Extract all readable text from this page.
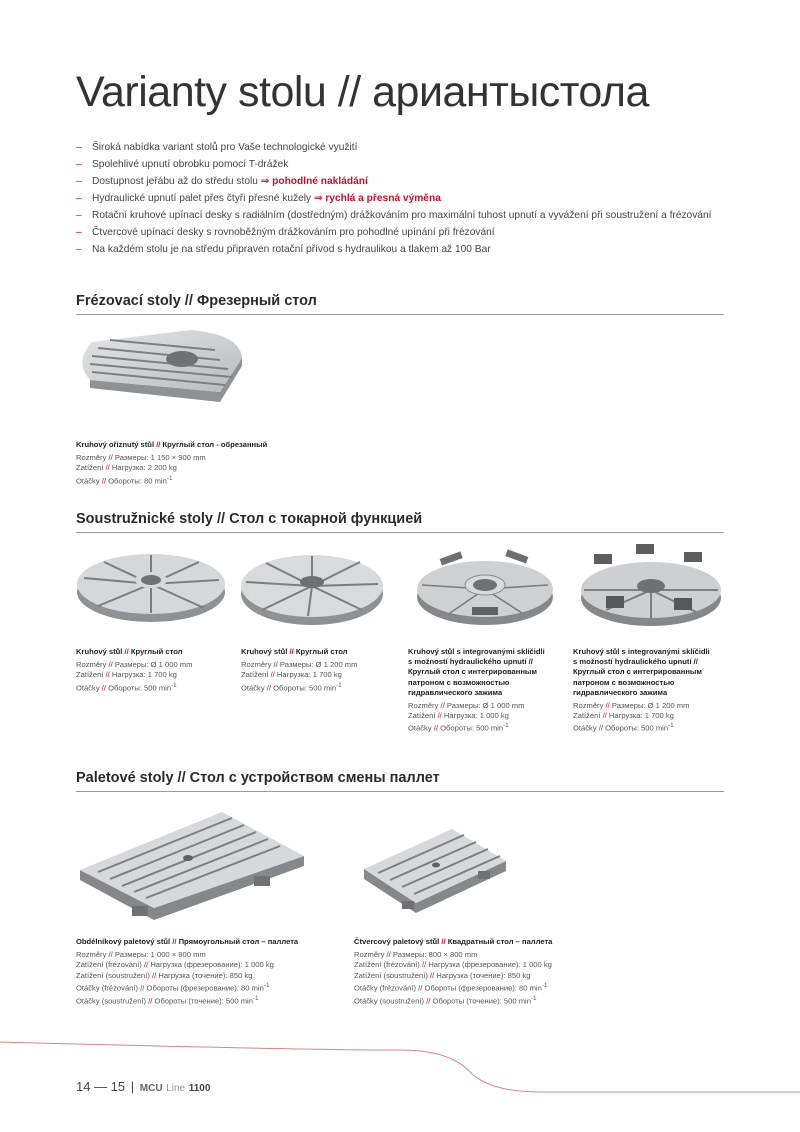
Varianty stolu // ариантыстола
– Široká nabídka variant stolů pro Vaše technologické využití
– Spolehlivé upnutí obrobku pomocí T-drážek
– Dostupnost jeřábu až do středu stolu ⇒ pohodlné nakládání
– Hydraulické upnutí palet přes čtyři přesné kužely ⇒ rychlá a přesná výměna
– Rotační kruhové upínací desky s radiálním (dostředným) drážkováním pro maximální tuhost upnutí a vyvážení při soustružení a frézování
– Čtvercové upínací desky s rovnoběžným drážkováním pro pohodlné upínání při frézování
– Na každém stolu je na středu připraven rotační přívod s hydraulikou a tlakem až 100 Bar
Frézovací stoly // Фрезерный стол
Kruhový oříznutý stůl // Круглый стол - обрезанный
Rozměry // Размеры: 1 150 × 900 mm
Zatížení // Нагрузка: 2 200 kg
Otáčky // Обороты: 80 $\min^{-1}$
Soustružnické stoly // Стол с токарной функцией
Kruhový stůl // Круглый стол
Rozměry // Размеры: Ø 1 000 mm
Zatížení // Нагрузка: 1 700 kg
Otáčky // Обороты: 500 $\min^{-1}$
Kruhový stůl // Круглый стол
Rozměry // Размеры: Ø 1 200 mm
Zatížení // Нагрузка: 1 700 kg
Otáčky // Обороты: 500 $\min^{-1}$
Kruhový stůl s integrovanými sklíčidli
s možností hydraulického upnutí //
Круглый стол с интегрированным
патроном с возможностью
гидравлического зажима
Rozměry // Размеры: Ø 1 000 mm
Zatížení // Нагрузка: 1 000 kg
Otáčky // Обороты: 500 $\min^{-1}$
Kruhový stůl s integrovanými sklíčidli
s možností hydraulického upnutí //
Круглый стол с интегрированным
патроном с возможностью
гидравлического зажима
Rozměry // Размеры: Ø 1 200 mm
Zatížení // Нагрузка: 1 700 kg
Otáčky // Обороты: 500 $\min^{-1}$
Paletové stoly // Стол с устройством смены паллет
Obdélníkový paletový stůl // Прямоугольный стол – паллета
Rozměry // Размеры: 1 000 × 800 mm
Zatížení (frézování) // Нагрузка (фрезерование): 1 000 kg
Zatížení (soustružení) // Нагрузка (точение): 850 kg
Otáčky (frézování) // Обороты (фрезерование): 80 $\min^{-1}$
Otáčky (soustružení) // Обороты (точение): 500 $\min^{-1}$
Čtvercový paletový stůl // Квадратный стол – паллета
Rozměry // Размеры: 800 × 800 mm
Zatížení (frézování) // Нагрузка (фрезерование): 1 000 kg
Zatížení (soustružení) // Нагрузка (точение): 850 kg
Otáčky (frézování) // Обороты (фрезерование): 80 $\min^{-1}$
Otáčky (soustružení) // Обороты (точение): 500 $\min^{-1}$
14 — 15 | MCU Line 1100
